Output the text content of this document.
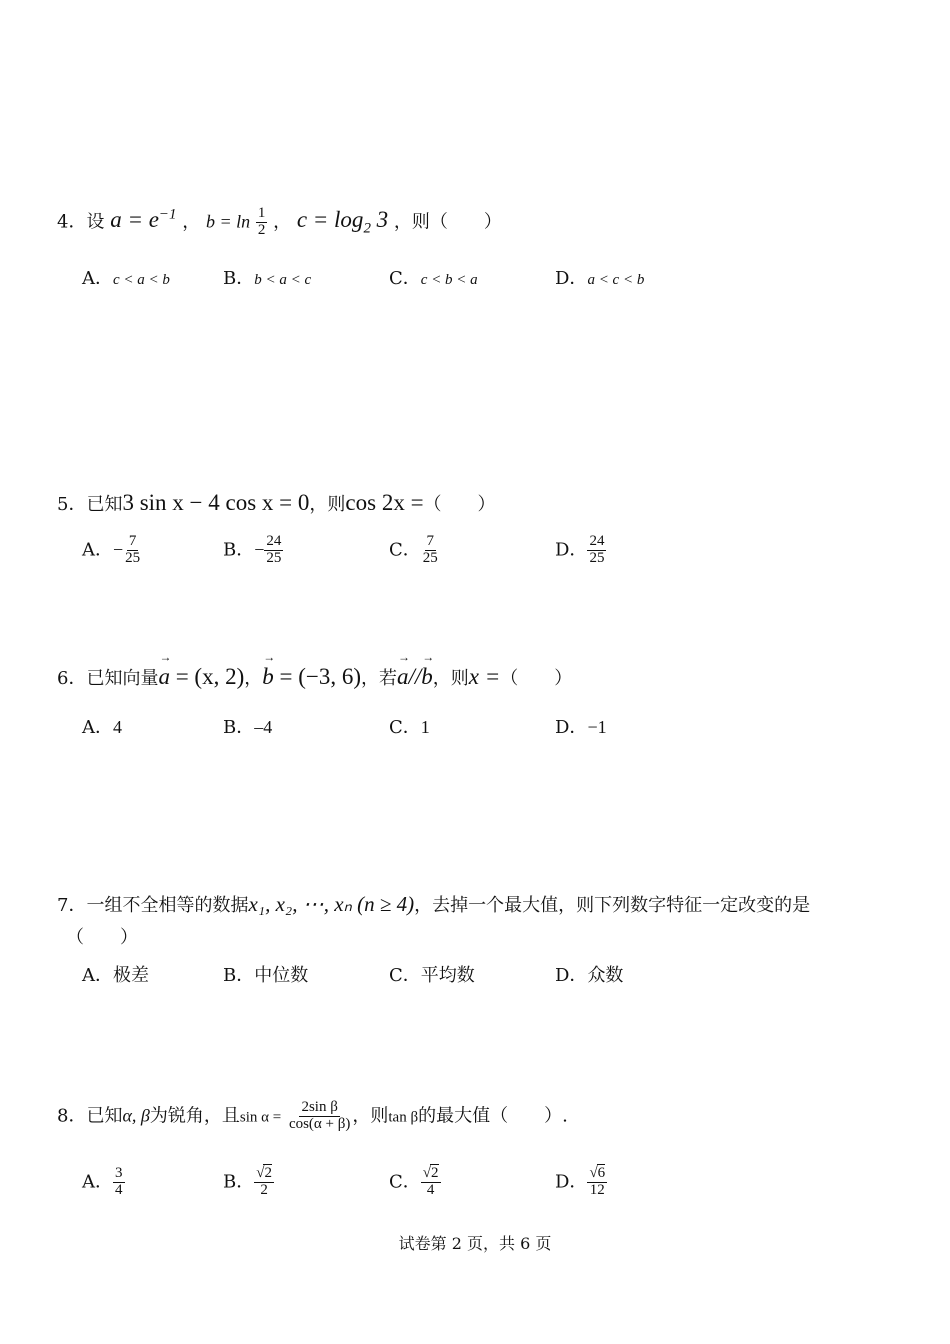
4．设 $a = e^{-1}$ ， $b = \ln \frac{1}{2}$ ， $c = \log_2 3$ ，则（　　）
A．c < a < b	B．b < a < c	C．c < b < a	D．a < c < b
5．已知3 sin x − 4 cos x = 0，则cos 2x =（　　）
A．− $\frac{7}{25}$	B．− $\frac{24}{25}$	C． $\frac{7}{25}$	D． $\frac{24}{25}$
6．已知向量→ a = (x, 2)，→ b = (−3, 6)，若→ a//→ b，则x =（　　）
A．4	B．–4	C．1	D．−1
7．一组不全相等的数据x₁, x₂, ⋯, xₙ (n ≥ 4)，去掉一个最大值，则下列数字特征一定改变的是
（　　）
A．极差	B．中位数	C．平均数	D．众数
8．已知α, β为锐角，且$\sin \alpha = \frac{\text{2sin β}}{\cos(\alpha + \beta)}$ ，则tan β的最大值（　　）.
A． $\frac{3}{4}$	B． $\frac{√2}{2}$	C． $\frac{√2}{4}$	D． $\frac{√6}{12}$
试卷第 2 页，共 6 页
